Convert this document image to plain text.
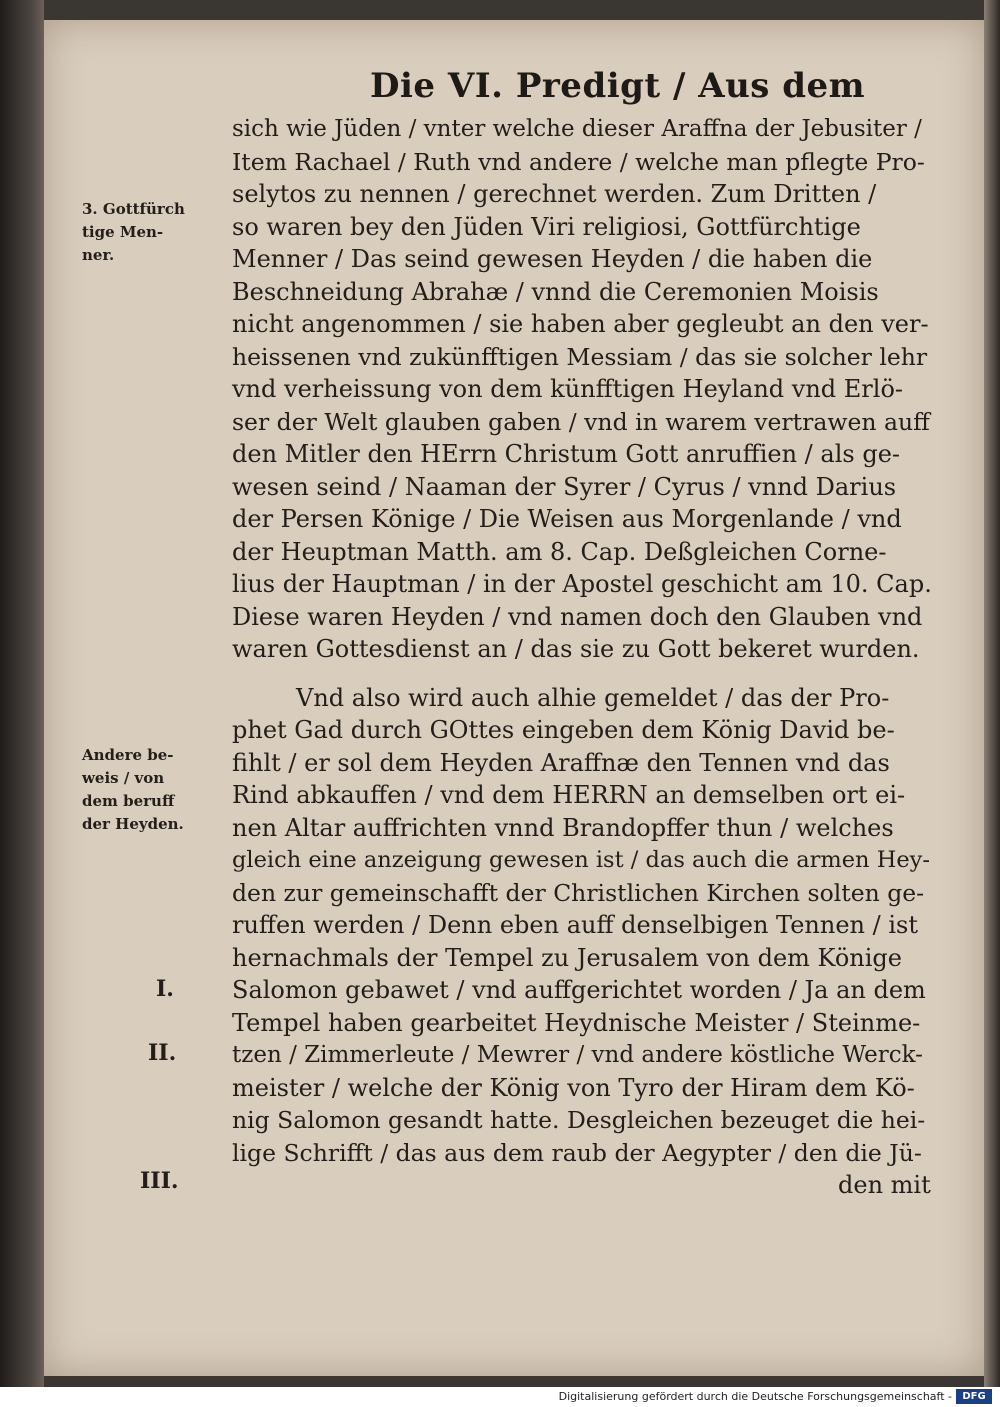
Die VI. Predigt / Aus dem
sich wie Jüden / vnter welche dieser Araffna der Jebusiter /
Item Rachael / Ruth vnd andere / welche man pflegte Pro-
selytos zu nennen / gerechnet werden. Zum Dritten /
so waren bey den Jüden Viri religiosi, Gottfürchtige
Menner / Das seind gewesen Heyden / die haben die
Beschneidung Abrahæ / vnnd die Ceremonien Moisis
nicht angenommen / sie haben aber gegleubt an den ver-
heissenen vnd zukünfftigen Messiam / das sie solcher lehr
vnd verheissung von dem künfftigen Heyland vnd Erlö-
ser der Welt glauben gaben / vnd in warem vertrawen auff
den Mitler den HErrn Christum Gott anruffien / als ge-
wesen seind / Naaman der Syrer / Cyrus / vnnd Darius
der Persen Könige / Die Weisen aus Morgenlande / vnd
der Heuptman Matth. am 8. Cap. Deßgleichen Corne-
lius der Hauptman / in der Apostel geschicht am 10. Cap.
Diese waren Heyden / vnd namen doch den Glauben vnd
waren Gottesdienst an / das sie zu Gott bekeret wurden.
Vnd also wird auch alhie gemeldet / das der Pro-
phet Gad durch GOttes eingeben dem König David be-
fihlt / er sol dem Heyden Araffnæ den Tennen vnd das
Rind abkauffen / vnd dem HERRN an demselben ort ei-
nen Altar auffrichten vnnd Brandopffer thun / welches
gleich eine anzeigung gewesen ist / das auch die armen Hey-
den zur gemeinschafft der Christlichen Kirchen solten ge-
ruffen werden / Denn eben auff denselbigen Tennen / ist
hernachmals der Tempel zu Jerusalem von dem Könige
Salomon gebawet / vnd auffgerichtet worden / Ja an dem
Tempel haben gearbeitet Heydnische Meister / Steinme-
tzen / Zimmerleute / Mewrer / vnd andere köstliche Werck-
meister / welche der König von Tyro der Hiram dem Kö-
nig Salomon gesandt hatte. Desgleichen bezeuget die hei-
lige Schrifft / das aus dem raub der Aegypter / den die Jü-
den mit
3. Gottfürch
tige Men-
ner.
Andere be-
weis / von
dem beruff
der Heyden.
I.
II.
III.
Digitalisierung gefördert durch die Deutsche Forschungsgemeinschaft -	DFG
